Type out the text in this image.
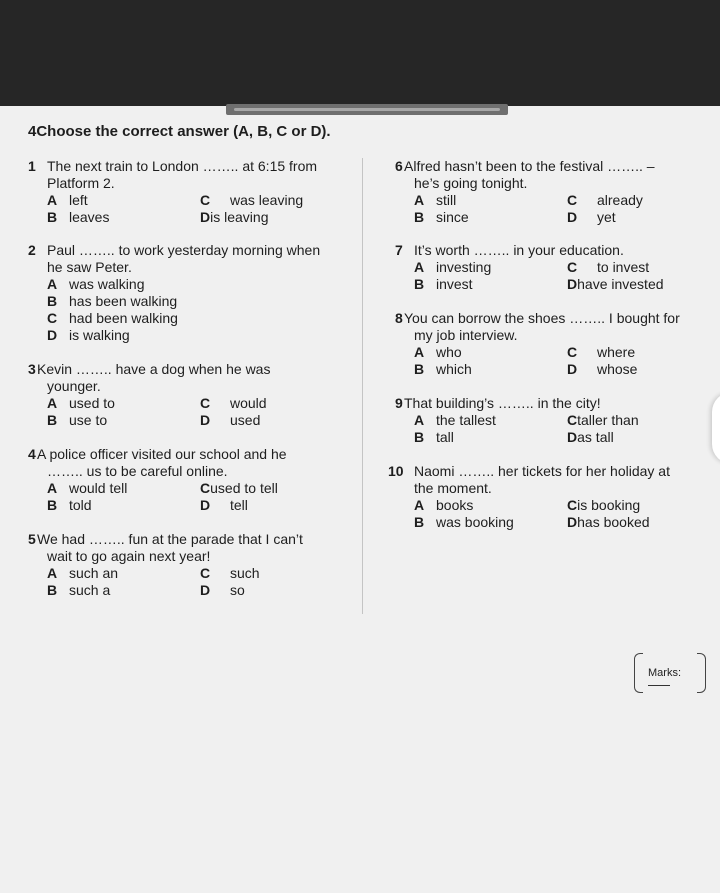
4Choose the correct answer (A, B, C or D).
1 The next train to London …….. at 6:15 from
Platform 2.
A left	C was leaving
B leaves	Dis leaving
2 Paul …….. to work yesterday morning when
he saw Peter.
A was walking
B has been walking
C had been walking
D is walking
3 Kevin …….. have a dog when he was
younger.
A used to	C would
B use to	D used
4 A police officer visited our school and he
…….. us to be careful online.
A would tell	Cused to tell
B told	D tell
5 We had …….. fun at the parade that I can’t
wait to go again next year!
A such an	C such
B such a	D so
6 Alfred hasn’t been to the festival …….. –
he’s going tonight.
A still	C already
B since	D yet
7 It’s worth …….. in your education.
A investing	C to invest
B invest	Dhave invested
8 You can borrow the shoes …….. I bought for
my job interview.
A who	C where
B which	D whose
9 That building’s …….. in the city!
A the tallest	Ctaller than
B tall	Das tall
10 Naomi …….. her tickets for her holiday at
the moment.
A books	Cis booking
B was booking	Dhas booked
Marks:
